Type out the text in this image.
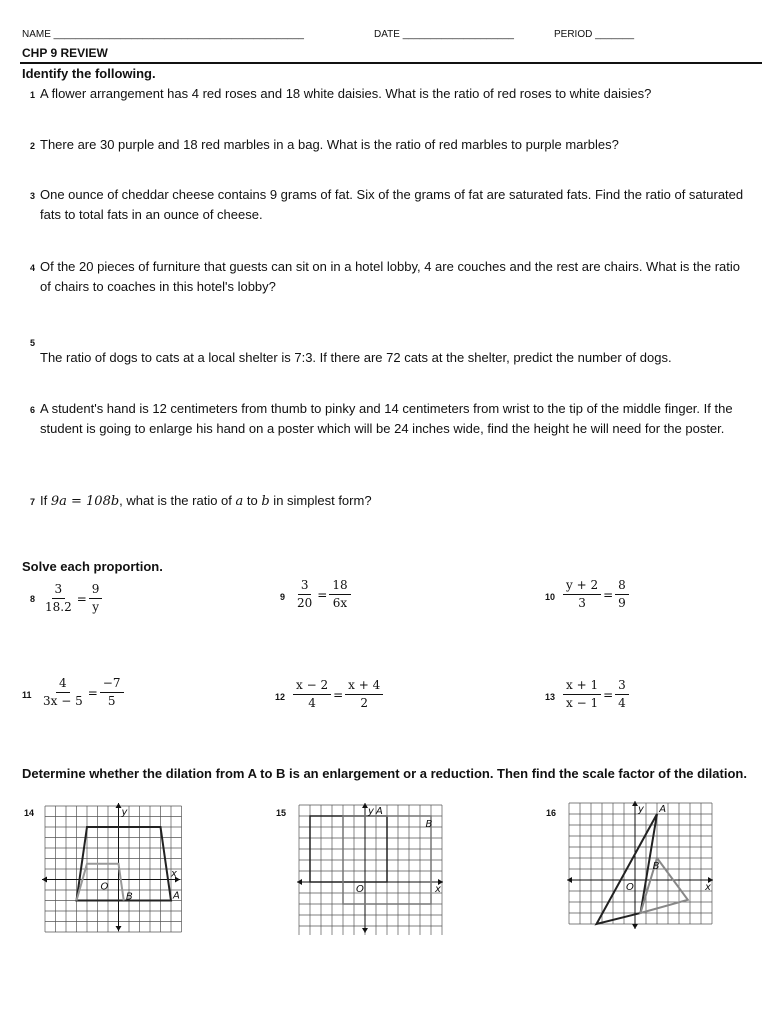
NAME _____________________________________________	DATE ____________________	PERIOD _______
CHP 9 REVIEW
Identify the following.
1 A flower arrangement has 4 red roses and 18 white daisies. What is the ratio of red roses to white daisies?
2 There are 30 purple and 18 red marbles in a bag. What is the ratio of red marbles to purple marbles?
3 One ounce of cheddar cheese contains 9 grams of fat. Six of the grams of fat are saturated fats. Find the ratio of saturated fats to total fats in an ounce of cheese.
4 Of the 20 pieces of furniture that guests can sit on in a hotel lobby, 4 are couches and the rest are chairs. What is the ratio of chairs to coaches in this hotel's lobby?
5
The ratio of dogs to cats at a local shelter is 7:3. If there are 72 cats at the shelter, predict the number of dogs.
6 A student's hand is 12 centimeters from thumb to pinky and 14 centimeters from wrist to the tip of the middle finger. If the student is going to enlarge his hand on a poster which will be 24 inches wide, find the height he will need for the poster.
7 If 9a = 108b, what is the ratio of a to b in simplest form?
Solve each proportion.
$8 \frac{3}{18.2} = \frac{9}{y}$	$9 \frac{3}{20} = \frac{18}{6x}$	$10 \frac{y + 2}{3} = \frac{8}{9}$
$11 \frac{4}{3x - 5} = \frac{-7}{5}$	$12 \frac{x - 2}{4} = \frac{x + 4}{2}$	$13 \frac{x + 1}{x - 1} = \frac{3}{4}$
Determine whether the dilation from A to B is an enlargement or a reduction. Then find the scale factor of the dilation.
14	15	16
y
x
O
A
B
y
x
O
A
B
y
x
O
A
B
